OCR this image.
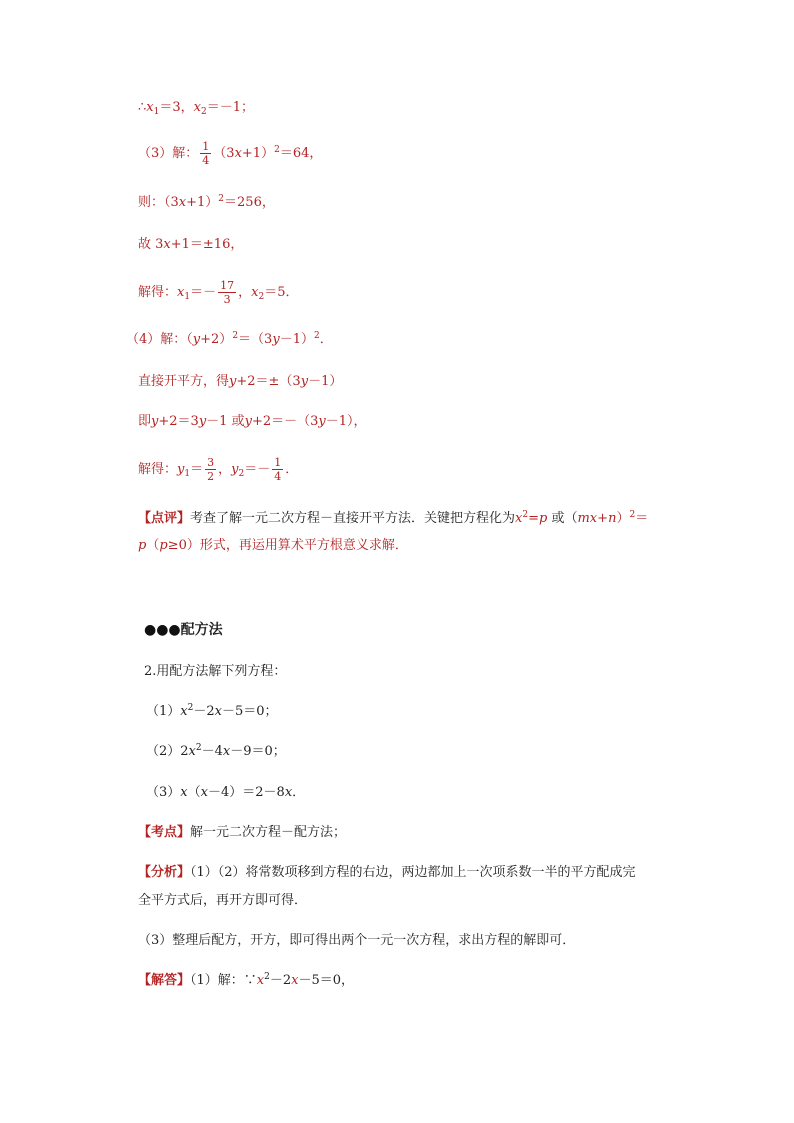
$\therefore x_1=3$，$x_2=-1$；
（3）解： $\frac{1}{4} (3x+1)^2=64$，
则：$(3x+1)^2=256$，
故 3x+1＝±16，
解得：$x_1=- \frac{17}{3}$ ，$x_2=5$．
（4）解：$(y+2)^2=(3y-1)^2$．
直接开平方，得y+2＝±（3y－1）
即y+2＝3y－1 或y+2＝－（3y－1），
解得：$y_1= \frac{3}{2}$ ，$y_2=- \frac{1}{4}$ ．
【点评】考查了解一元二次方程－直接开平方法．关键把方程化为$x^2=p$ 或$(mx+n)^2=$
p（p≥0）形式，再运用算术平方根意义求解．
●●●配方法
2.用配方法解下列方程：
$(1)x^2-2x-5=0$；
$(2)2x^2-4x-9=0$；
（3）x（x－4）＝2－8x．
【考点】解一元二次方程－配方法；
【分析】（1）（2）将常数项移到方程的右边，两边都加上一次项系数一半的平方配成完
全平方式后，再开方即可得．
（3）整理后配方，开方，即可得出两个一元一次方程，求出方程的解即可．
【解答】（1）解：$\because x^2-2x-5=0$，
